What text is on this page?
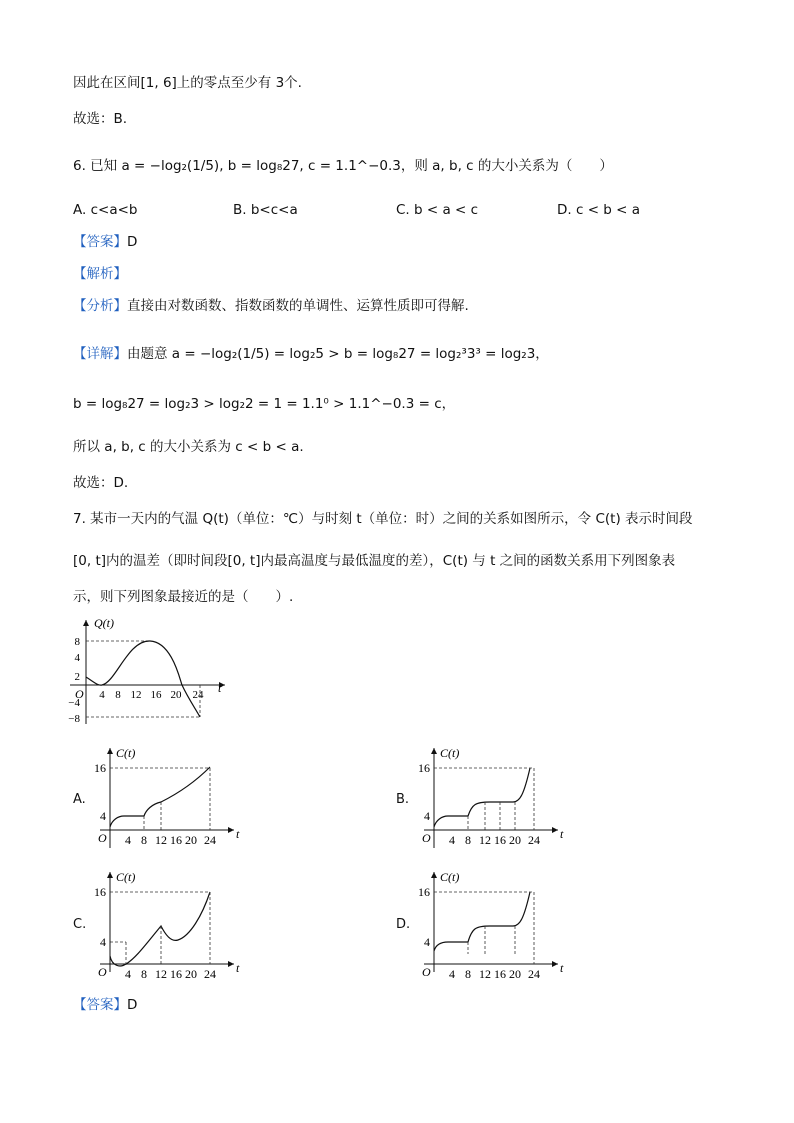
因此在区间[1, 6]上的零点至少有 3个.
故选：B.
6. 已知 a = −log₂(1/5), b = log₈27, c = 1.1^−0.3，则 a, b, c 的大小关系为（　　）
A. c<a<b	B. b<c<a	C. b < a < c	D. c < b < a
【答案】D
【解析】
【分析】直接由对数函数、指数函数的单调性、运算性质即可得解.
【详解】由题意 a = −log₂(1/5) = log₂5 > b = log₈27 = log₂³3³ = log₂3，
b = log₈27 = log₂3 > log₂2 = 1 = 1.1⁰ > 1.1^−0.3 = c，
所以 a, b, c 的大小关系为 c < b < a.
故选：D.
7. 某市一天内的气温 Q(t)（单位：℃）与时刻 t（单位：时）之间的关系如图所示，令 C(t) 表示时间段
[0, t]内的温差（即时间段[0, t]内最高温度与最低温度的差），C(t) 与 t 之间的函数关系用下列图象表
示，则下列图象最接近的是（　　）.
Q(t)
t
O
8
4
2
−4
−8
4 8 12 16 20 24
A.	B.
C.	D.
C(t)
t
O
16
4
4 8 12 16 20 24
C(t)
t
O
16
4
4 8 12 16 20 24
C(t)
t
O
16
4
4 8 12 16 20 24
C(t)
t
O
16
4
4 8 12 16 20 24
【答案】D
